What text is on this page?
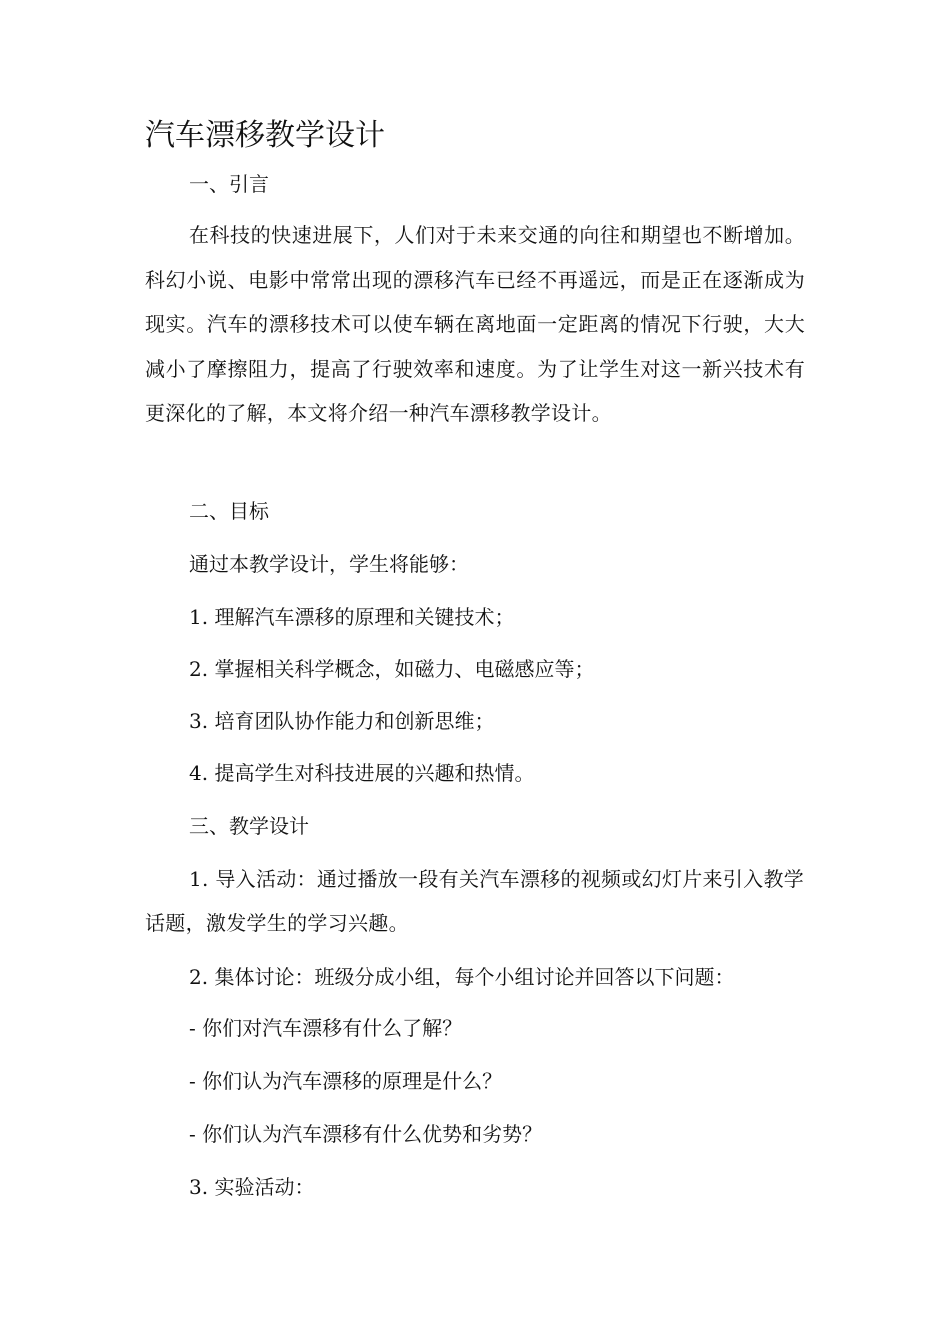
汽车漂移教学设计

一、引言

在科技的快速进展下，人们对于未来交通的向往和期望也不断增加。科幻小说、电影中常常出现的漂移汽车已经不再遥远，而是正在逐渐成为现实。汽车的漂移技术可以使车辆在离地面一定距离的情况下行驶，大大减小了摩擦阻力，提高了行驶效率和速度。为了让学生对这一新兴技术有更深化的了解，本文将介绍一种汽车漂移教学设计。

二、目标

通过本教学设计，学生将能够：

1. 理解汽车漂移的原理和关键技术；

2. 掌握相关科学概念，如磁力、电磁感应等；

3. 培育团队协作能力和创新思维；

4. 提高学生对科技进展的兴趣和热情。

三、教学设计

1. 导入活动：通过播放一段有关汽车漂移的视频或幻灯片来引入教学话题，激发学生的学习兴趣。

2. 集体讨论：班级分成小组，每个小组讨论并回答以下问题：

- 你们对汽车漂移有什么了解？

- 你们认为汽车漂移的原理是什么？

- 你们认为汽车漂移有什么优势和劣势？

3. 实验活动：
